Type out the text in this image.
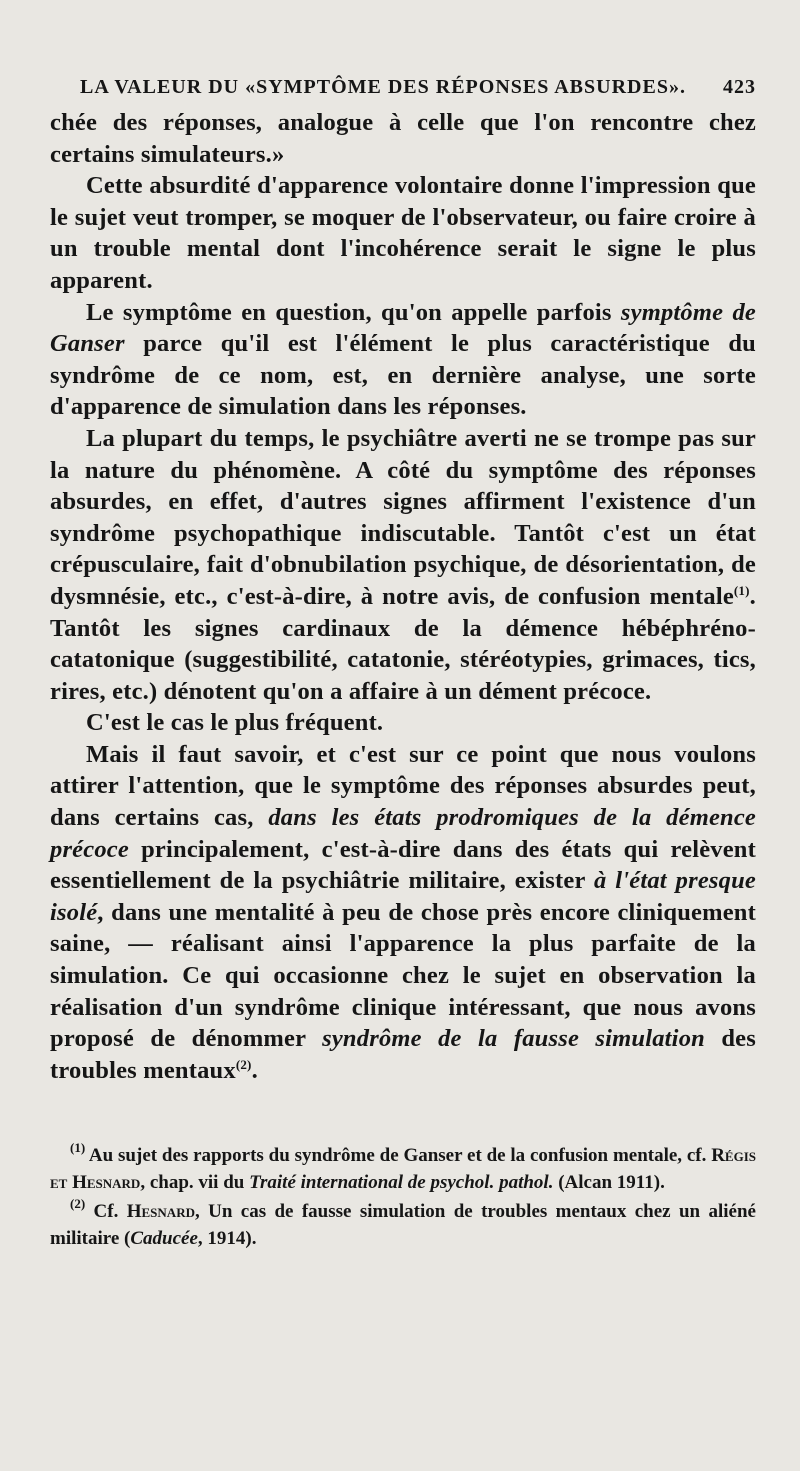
LA VALEUR DU «SYMPTÔME DES RÉPONSES ABSURDES». 423

chée des réponses, analogue à celle que l'on rencontre chez certains simulateurs.»

Cette absurdité d'apparence volontaire donne l'impression que le sujet veut tromper, se moquer de l'observateur, ou faire croire à un trouble mental dont l'incohérence serait le signe le plus apparent.

Le symptôme en question, qu'on appelle parfois symptôme de Ganser parce qu'il est l'élément le plus caractéristique du syndrôme de ce nom, est, en dernière analyse, une sorte d'apparence de simulation dans les réponses.

La plupart du temps, le psychiâtre averti ne se trompe pas sur la nature du phénomène. A côté du symptôme des réponses absurdes, en effet, d'autres signes affirment l'existence d'un syndrôme psychopathique indiscutable. Tantôt c'est un état crépusculaire, fait d'obnubilation psychique, de désorientation, de dysmnésie, etc., c'est-à-dire, à notre avis, de confusion mentale$^{(1)}$. Tantôt les signes cardinaux de la démence hébéphréno-catatonique (suggestibilité, catatonie, stéréotypies, grimaces, tics, rires, etc.) dénotent qu'on a affaire à un dément précoce.

C'est le cas le plus fréquent.

Mais il faut savoir, et c'est sur ce point que nous voulons attirer l'attention, que le symptôme des réponses absurdes peut, dans certains cas, dans les états prodromiques de la démence précoce principalement, c'est-à-dire dans des états qui relèvent essentiellement de la psychiâtrie militaire, exister à l'état presque isolé, dans une mentalité à peu de chose près encore cliniquement saine, — réalisant ainsi l'apparence la plus parfaite de la simulation. Ce qui occasionne chez le sujet en observation la réalisation d'un syndrôme clinique intéressant, que nous avons proposé de dénommer syndrôme de la fausse simulation des troubles mentaux$^{(2)}$.

$^{(1)}$ Au sujet des rapports du syndrôme de Ganser et de la confusion mentale, cf. Régis et Hesnard, chap. vii du Traité international de psychol. pathol. (Alcan 1911).

$^{(2)}$ Cf. Hesnard, Un cas de fausse simulation de troubles mentaux chez un aliéné militaire (Caducée, 1914).
